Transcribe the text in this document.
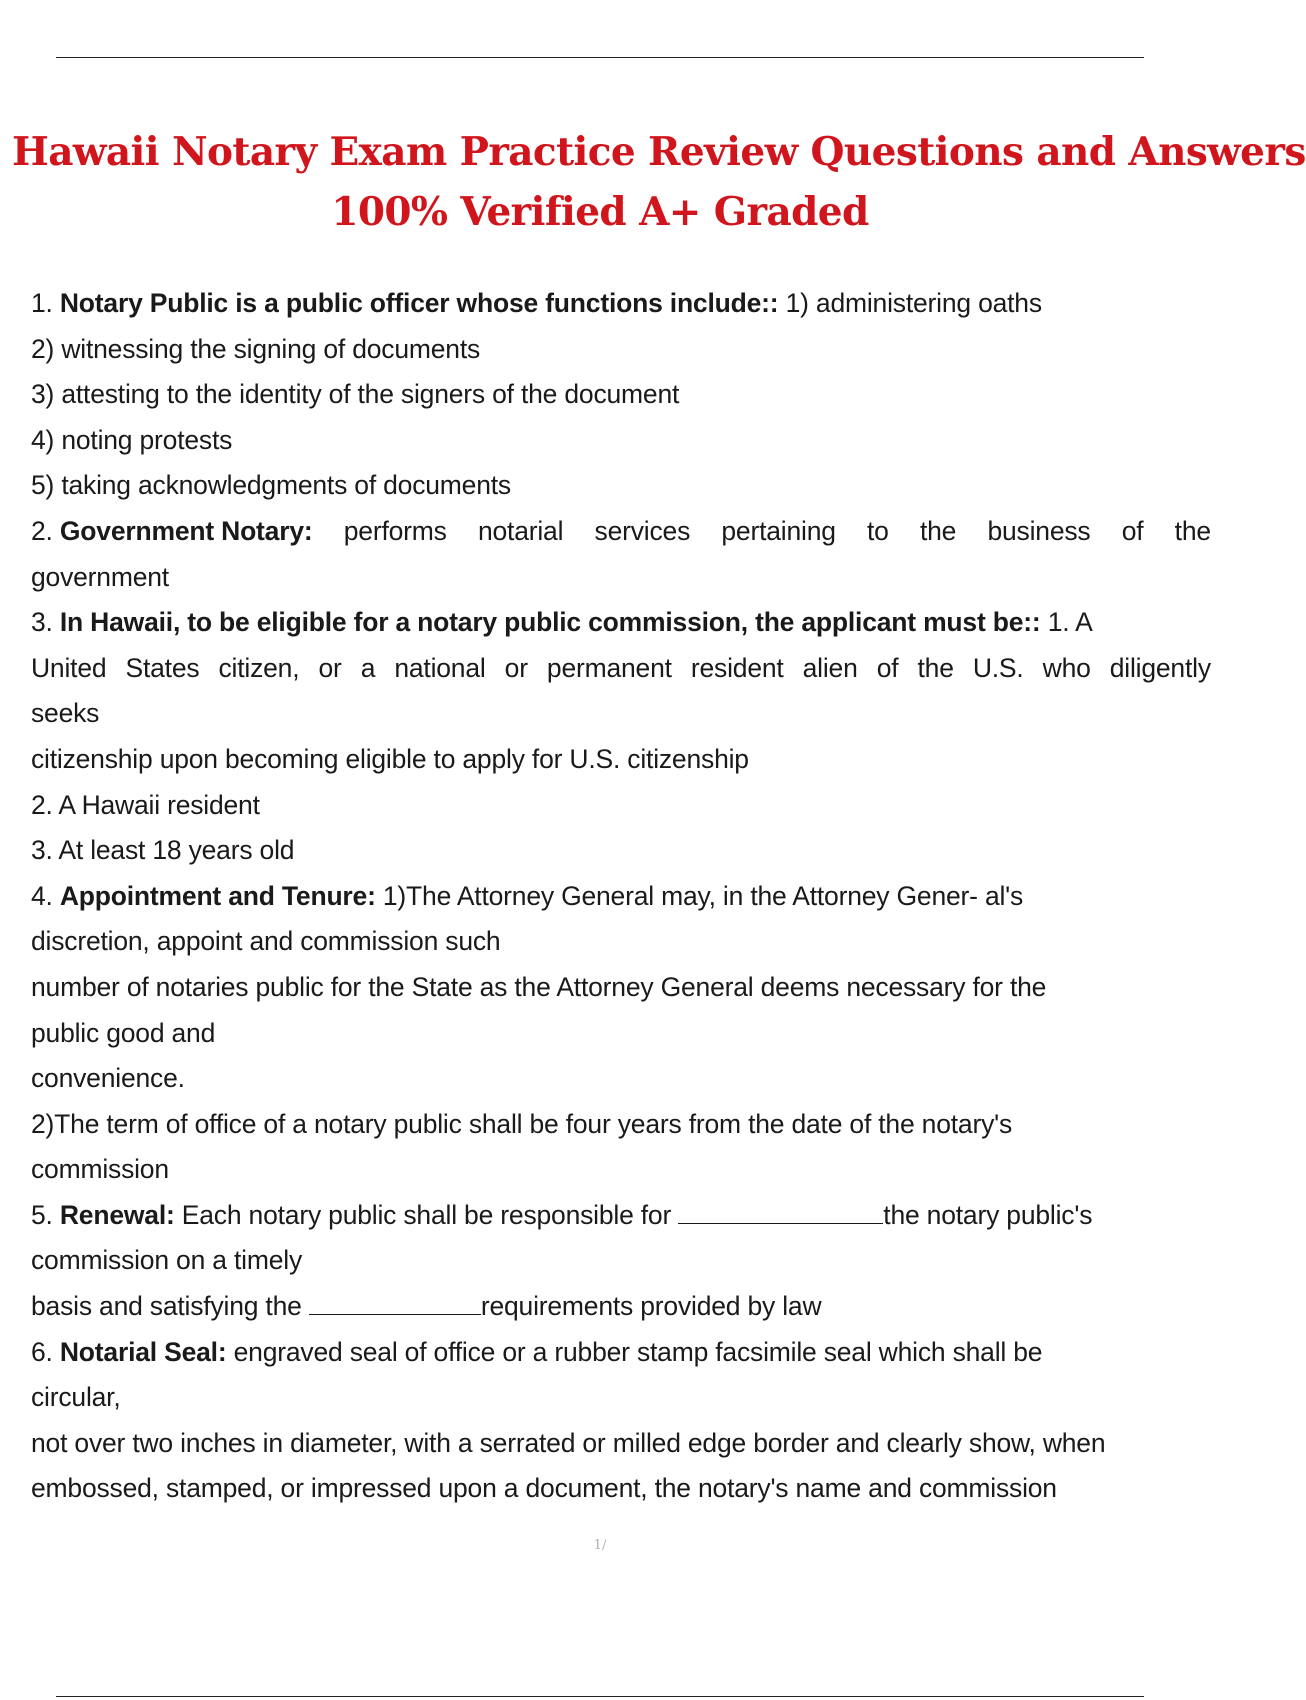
Hawaii Notary Exam Practice Review Questions and Answers
100% Verified A+ Graded
1. Notary Public is a public officer whose functions include:: 1) administering oaths
2) witnessing the signing of documents
3) attesting to the identity of the signers of the document
4) noting protests
5) taking acknowledgments of documents
2. Government Notary: performs notarial services pertaining to the business of the
government
3. In Hawaii, to be eligible for a notary public commission, the applicant must be:: 1. A
United States citizen, or a national or permanent resident alien of the U.S. who diligently
seeks
citizenship upon becoming eligible to apply for U.S. citizenship
2. A Hawaii resident
3. At least 18 years old
4. Appointment and Tenure: 1)The Attorney General may, in the Attorney Gener- al's
discretion, appoint and commission such
number of notaries public for the State as the Attorney General deems necessary for the
public good and
convenience.
2)The term of office of a notary public shall be four years from the date of the notary's
commission
5. Renewal: Each notary public shall be responsible for	the notary public's
commission on a timely
basis and satisfying the	requirements provided by law
6. Notarial Seal: engraved seal of office or a rubber stamp facsimile seal which shall be
circular,
not over two inches in diameter, with a serrated or milled edge border and clearly show, when
embossed, stamped, or impressed upon a document, the notary's name and commission
1/
